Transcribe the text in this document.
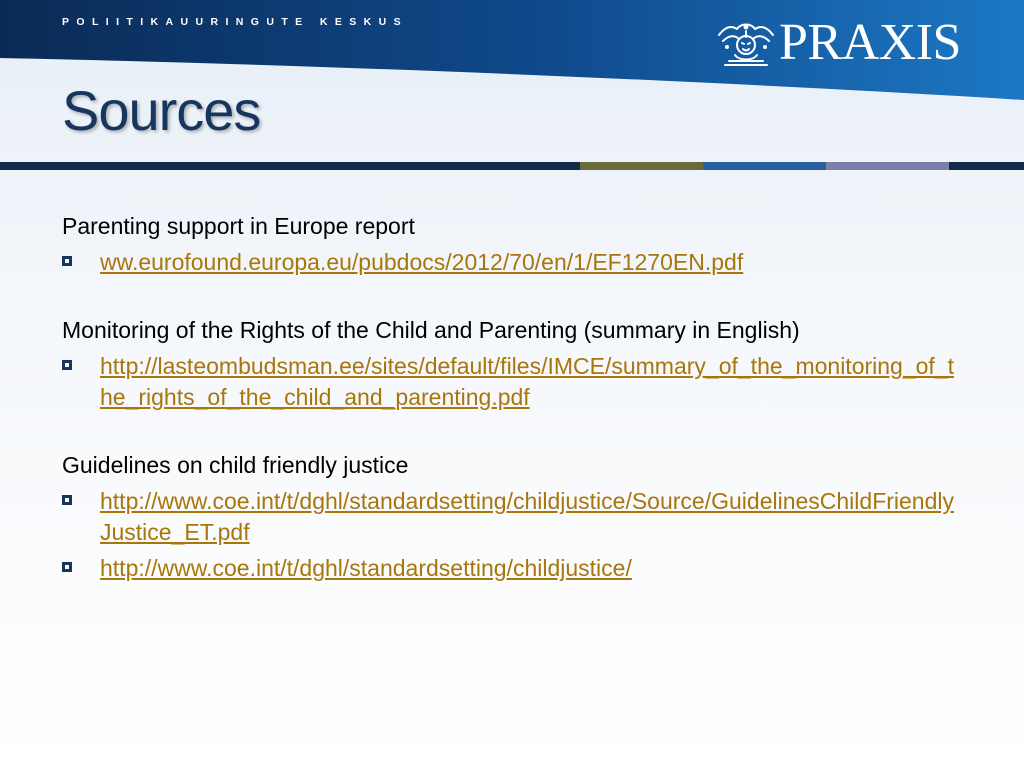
POLIITIKAUURINGUTE KESKUS	PRAXIS
Sources
Parenting support in Europe report
ww.eurofound.europa.eu/pubdocs/2012/70/en/1/EF1270EN.pdf
Monitoring of the Rights of the Child and Parenting (summary in English)
http://lasteombudsman.ee/sites/default/files/IMCE/summary_of_the_monitoring_of_the_rights_of_the_child_and_parenting.pdf
Guidelines on child friendly justice
http://www.coe.int/t/dghl/standardsetting/childjustice/Source/GuidelinesChildFriendlyJustice_ET.pdf
http://www.coe.int/t/dghl/standardsetting/childjustice/
